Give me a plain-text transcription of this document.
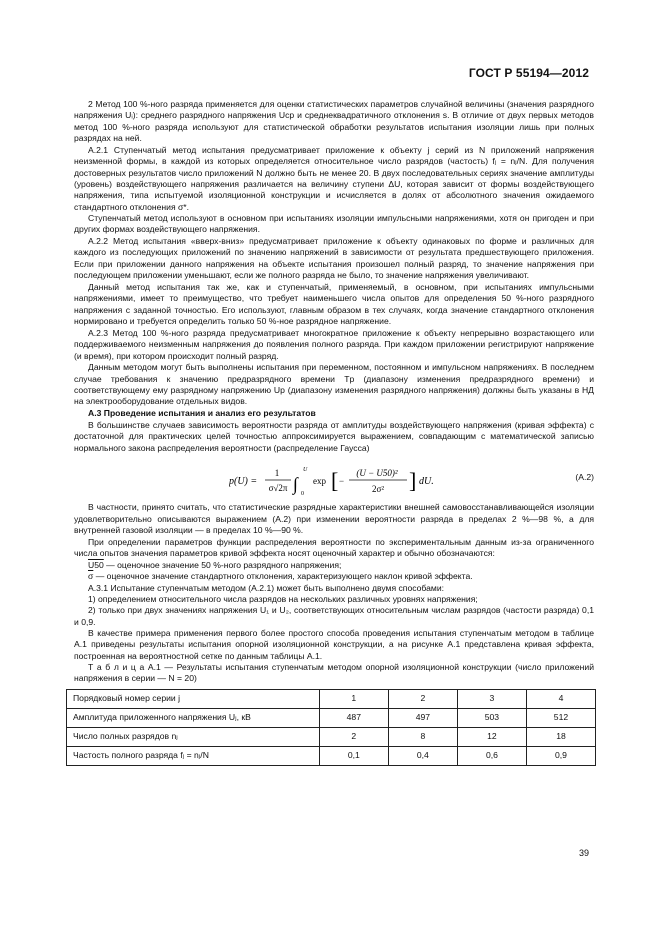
ГОСТ Р 55194—2012

2 Метод 100 %-ного разряда применяется для оценки статистических параметров случайной величины (значения разрядного напряжения Uᵢ): среднего разрядного напряжения Uср и среднеквадратичного отклонения s. В отличие от двух первых методов метод 100 %-ного разряда используют для статистической обработки результатов испытания изоляции лишь при полных разрядах на ней.

А.2.1 Ступенчатый метод испытания предусматривает приложение к объекту j серий из N приложений напряжения неизменной формы, в каждой из которых определяется относительное число разрядов (частость) fⱼ = nⱼ/N. Для получения достоверных результатов число приложений N должно быть не менее 20. В двух последовательных сериях значение амплитуды (уровень) воздействующего напряжения различается на величину ступени ΔU, которая зависит от формы воздействующего напряжения, типа испытуемой изоляционной конструкции и исчисляется в долях от абсолютного значения ожидаемого стандартного отклонения σ*.

Ступенчатый метод используют в основном при испытаниях изоляции импульсными напряжениями, хотя он пригоден и при других формах воздействующего напряжения.

А.2.2 Метод испытания «вверх-вниз» предусматривает приложение к объекту одинаковых по форме и различных для каждого из последующих приложений по значению напряжений в зависимости от результата предшествующего приложения. Если при приложении данного напряжения на объекте испытания произошел полный разряд, то значение напряжения при последующем приложении уменьшают, если же полного разряда не было, то значение напряжения увеличивают.

Данный метод испытания так же, как и ступенчатый, применяемый, в основном, при испытаниях импульсными напряжениями, имеет то преимущество, что требует наименьшего числа опытов для определения 50 %-ного разрядного напряжения с заданной точностью. Его используют, главным образом в тех случаях, когда значение стандартного отклонения нормировано и требуется определить только 50 %-ное разрядное напряжение.

А.2.3 Метод 100 %-ного разряда предусматривает многократное приложение к объекту непрерывно возрастающего или поддерживаемого неизменным напряжения до появления полного разряда. При каждом приложении регистрируют напряжение (и время), при котором происходит полный разряд.

Данным методом могут быть выполнены испытания при переменном, постоянном и импульсном напряжениях. В последнем случае требования к значению предразрядного времени Tр (диапазону изменения предразрядного времени) и соответствующему ему разрядному напряжению Uр (диапазону изменения разрядного напряжения) должны быть указаны в НД на электрооборудование отдельных видов.

А.3 Проведение испытания и анализ его результатов

В большинстве случаев зависимость вероятности разряда от амплитуды воздействующего напряжения (кривая эффекта) с достаточной для практических целей точностью аппроксимируется выражением, совпадающим с математической записью нормального закона распределения вероятности (распределение Гаусса)

p(U) =
1
σ√2π ∫
U
0
exp [ −
(U − U50)²
2σ² ] dU.	(А.2)

В частности, принято считать, что статистические разрядные характеристики внешней самовосстанавливающейся изоляции удовлетворительно описываются выражением (А.2) при изменении вероятности разряда в пределах 2 %—98 %, а для внутренней газовой изоляции — в пределах 10 %—90 %.

При определении параметров функции распределения вероятности по экспериментальным данным из-за ограниченного числа опытов значения параметров кривой эффекта носят оценочный характер и обычно обозначаются:

U50 — оценочное значение 50 %-ного разрядного напряжения;

$\overline{\sigma}$ — оценочное значение стандартного отклонения, характеризующего наклон кривой эффекта.

А.3.1 Испытание ступенчатым методом (А.2.1) может быть выполнено двумя способами:

1) определением относительного числа разрядов на нескольких различных уровнях напряжения;

2) только при двух значениях напряжения U₁ и U₂, соответствующих относительным числам разрядов (частости разряда) 0,1 и 0,9.

В качестве примера применения первого более простого способа проведения испытания ступенчатым методом в таблице А.1 приведены результаты испытания опорной изоляционной конструкции, а на рисунке А.1 представлена кривая эффекта, построенная на вероятностной сетке по данным таблицы А.1.

Т а б л и ц а А.1 — Результаты испытания ступенчатым методом опорной изоляционной конструкции (число приложений напряжения в серии — N = 20)

Порядковый номер серии j	1	2	3	4
Амплитуда приложенного напряжения Uⱼ, кВ	487	497	503	512
Число полных разрядов nⱼ	2	8	12	18
Частость полного разряда fⱼ = nⱼ/N	0,1	0,4	0,6	0,9
39
